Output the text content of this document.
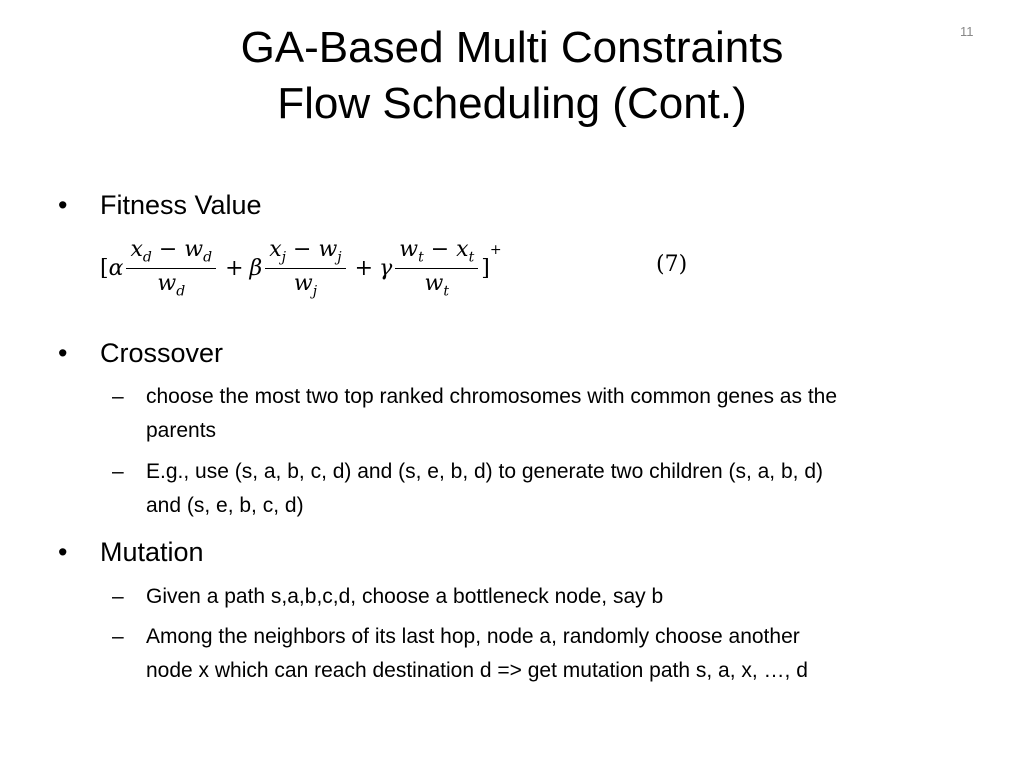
11
GA-Based Multi Constraints
Flow Scheduling (Cont.)
• Fitness Value
[ α $\frac{x_d - w_d}{w_d} + \beta \frac{x_j - w_j}{w_j} + \gamma \frac{w_t - x_t}{w_t}$ ]
+
(7)
• Crossover
– choose the most two top ranked chromosomes with common genes as the
parents
– E.g., use (s, a, b, c, d) and (s, e, b, d) to generate two children (s, a, b, d)
and (s, e, b, c, d)
• Mutation
– Given a path s,a,b,c,d, choose a bottleneck node, say b
– Among the neighbors of its last hop, node a, randomly choose another
node x which can reach destination d => get mutation path s, a, x, …, d
